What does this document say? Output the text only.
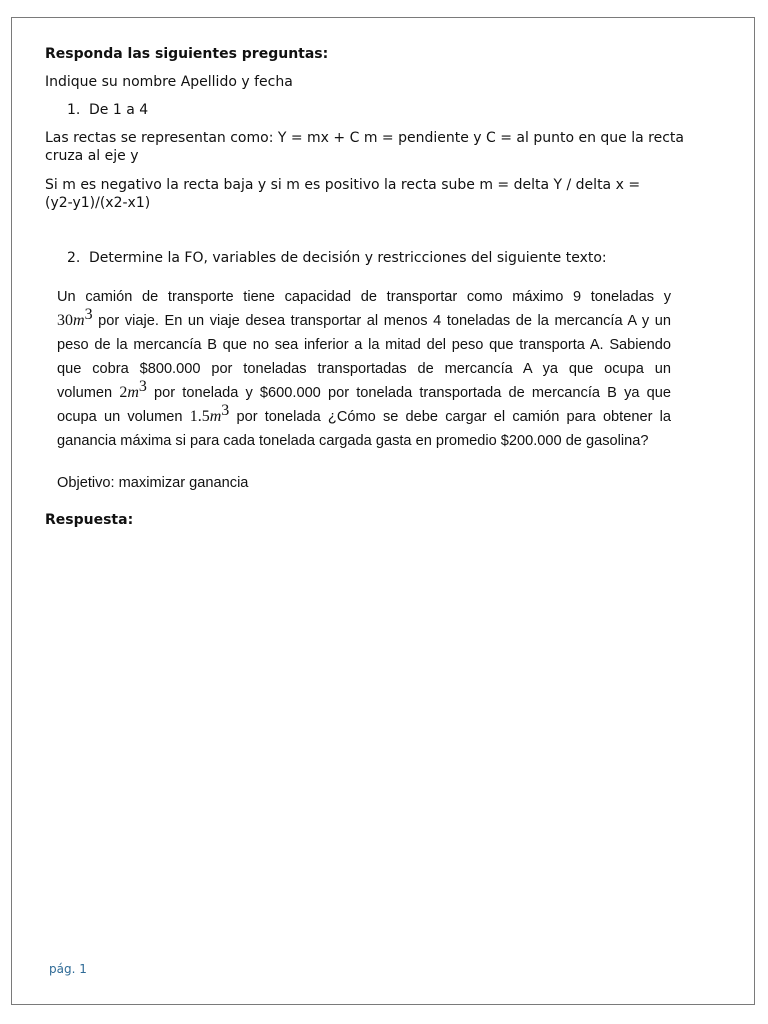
Responda las siguientes preguntas:
Indique su nombre Apellido y fecha
1. De 1 a 4
Las rectas se representan como: Y = mx + C m = pendiente y C = al punto en que la recta
cruza al eje y
Si m es negativo la recta baja y si m es positivo la recta sube m = delta Y / delta x =
(y2-y1)/(x2-x1)
2. Determine la FO, variables de decisión y restricciones del siguiente texto:
Un camión de transporte tiene capacidad de transportar como máximo 9 toneladas y
$30m^3$ por viaje. En un viaje desea transportar al menos 4 toneladas de la mercancía A y un
peso de la mercancía B que no sea inferior a la mitad del peso que transporta A. Sabiendo
que cobra $800.000 por toneladas transportadas de mercancía A ya que ocupa un
volumen $2m^3$ por tonelada y $600.000 por tonelada transportada de mercancía B ya que
ocupa un volumen $1.5m^3$ por tonelada ¿Cómo se debe cargar el camión para obtener la
ganancia máxima si para cada tonelada cargada gasta en promedio $200.000 de gasolina?
Objetivo: maximizar ganancia
Respuesta:
pág. 1
